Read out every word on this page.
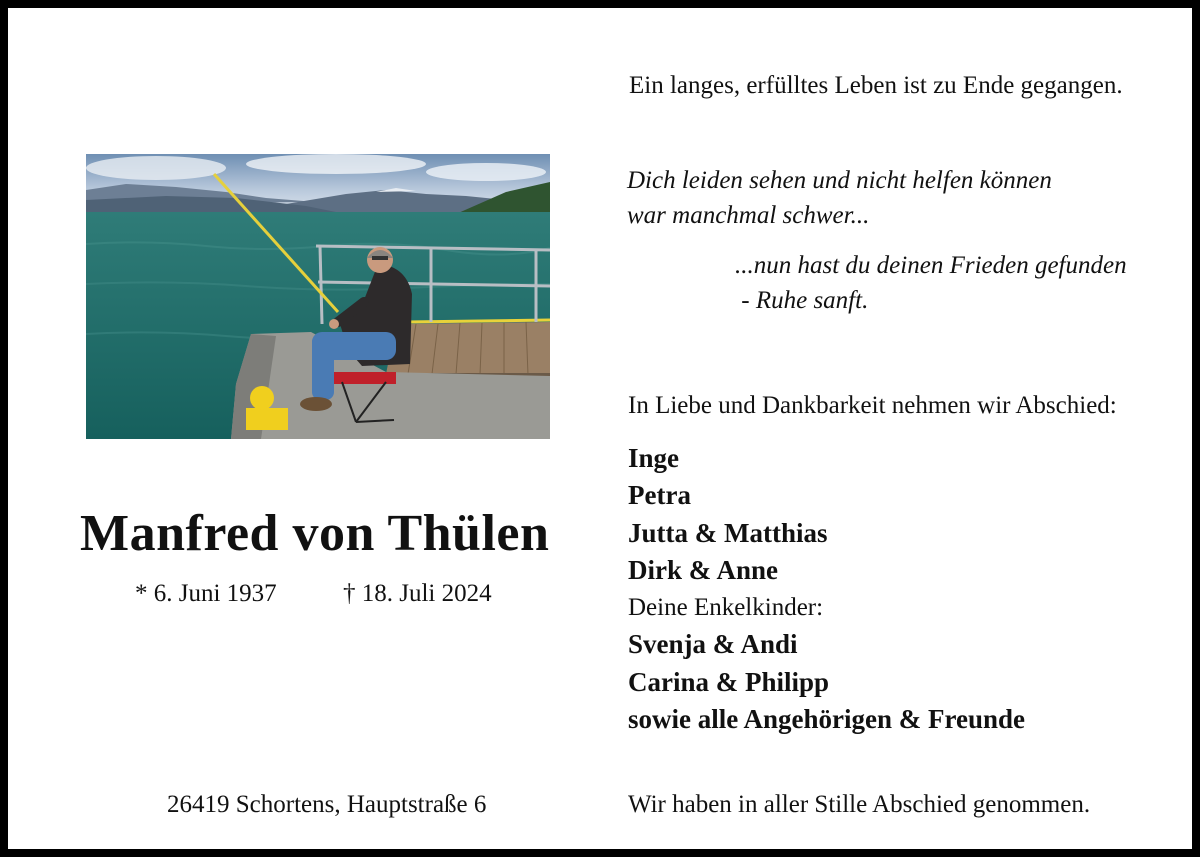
Manfred von Thülen

* 6. Juni 1937	† 18. Juli 2024

26419 Schortens, Hauptstraße 6

Ein langes, erfülltes Leben ist zu Ende gegangen.

Dich leiden sehen und nicht helfen können
war manchmal schwer...
...nun hast du deinen Frieden gefunden
- Ruhe sanft.

In Liebe und Dankbarkeit nehmen wir Abschied:

Inge
Petra
Jutta & Matthias
Dirk & Anne
Deine Enkelkinder:
Svenja & Andi
Carina & Philipp
sowie alle Angehörigen & Freunde

Wir haben in aller Stille Abschied genommen.
